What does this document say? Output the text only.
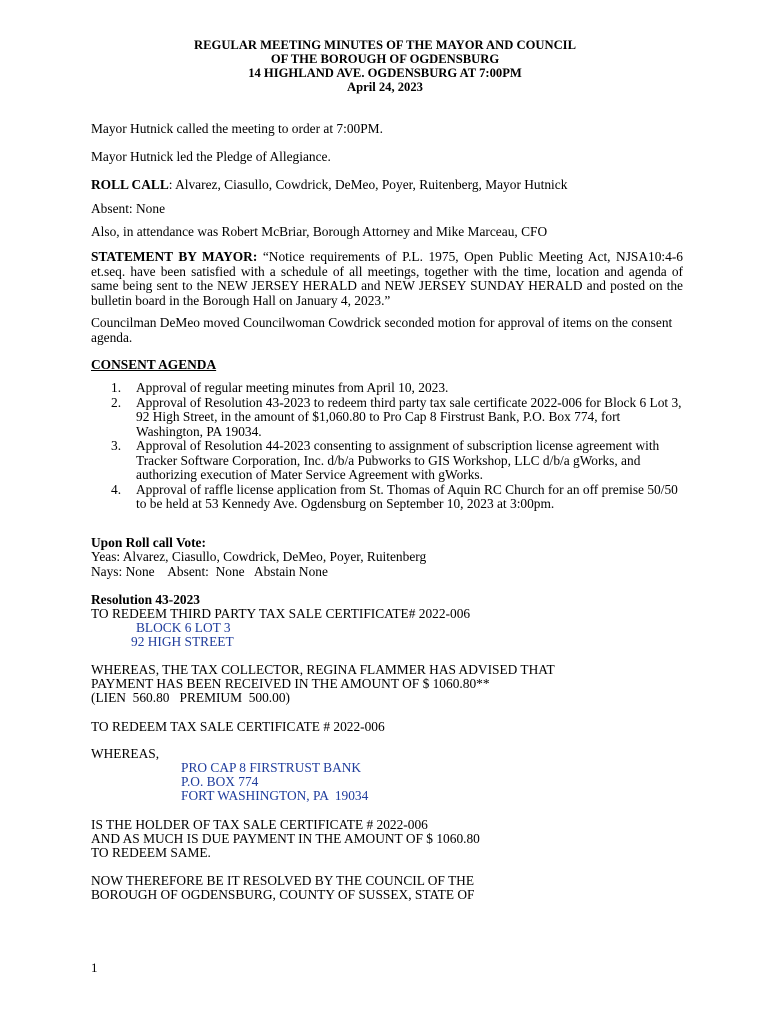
REGULAR MEETING MINUTES OF THE MAYOR AND COUNCIL
OF THE BOROUGH OF OGDENSBURG
14 HIGHLAND AVE. OGDENSBURG AT 7:00PM
April 24, 2023
Mayor Hutnick called the meeting to order at 7:00PM.
Mayor Hutnick led the Pledge of Allegiance.
ROLL CALL: Alvarez, Ciasullo, Cowdrick, DeMeo, Poyer, Ruitenberg, Mayor Hutnick
Absent: None
Also, in attendance was Robert McBriar, Borough Attorney and Mike Marceau, CFO
STATEMENT BY MAYOR: “Notice requirements of P.L. 1975, Open Public Meeting Act, NJSA10:4-6 et.seq. have been satisfied with a schedule of all meetings, together with the time, location and agenda of same being sent to the NEW JERSEY HERALD and NEW JERSEY SUNDAY HERALD and posted on the bulletin board in the Borough Hall on January 4, 2023.”
Councilman DeMeo moved Councilwoman Cowdrick seconded motion for approval of items on the consent agenda.
CONSENT AGENDA
1. Approval of regular meeting minutes from April 10, 2023.
2. Approval of Resolution 43-2023 to redeem third party tax sale certificate 2022-006 for Block 6 Lot 3, 92 High Street, in the amount of $1,060.80 to Pro Cap 8 Firstrust Bank, P.O. Box 774, fort Washington, PA 19034.
3. Approval of Resolution 44-2023 consenting to assignment of subscription license agreement with Tracker Software Corporation, Inc. d/b/a Pubworks to GIS Workshop, LLC d/b/a gWorks, and authorizing execution of Mater Service Agreement with gWorks.
4. Approval of raffle license application from St. Thomas of Aquin RC Church for an off premise 50/50 to be held at 53 Kennedy Ave. Ogdensburg on September 10, 2023 at 3:00pm.
Upon Roll call Vote:
Yeas: Alvarez, Ciasullo, Cowdrick, DeMeo, Poyer, Ruitenberg
Nays: None    Absent:  None   Abstain None
Resolution 43-2023
TO REDEEM THIRD PARTY TAX SALE CERTIFICATE# 2022-006
BLOCK 6 LOT 3
92 HIGH STREET
WHEREAS, THE TAX COLLECTOR, REGINA FLAMMER HAS ADVISED THAT
PAYMENT HAS BEEN RECEIVED IN THE AMOUNT OF $ 1060.80**
(LIEN  560.80   PREMIUM  500.00)
TO REDEEM TAX SALE CERTIFICATE # 2022-006
WHEREAS,
PRO CAP 8 FIRSTRUST BANK
P.O. BOX 774
FORT WASHINGTON, PA  19034
IS THE HOLDER OF TAX SALE CERTIFICATE # 2022-006
AND AS MUCH IS DUE PAYMENT IN THE AMOUNT OF $ 1060.80
TO REDEEM SAME.
NOW THEREFORE BE IT RESOLVED BY THE COUNCIL OF THE
BOROUGH OF OGDENSBURG, COUNTY OF SUSSEX, STATE OF
1
